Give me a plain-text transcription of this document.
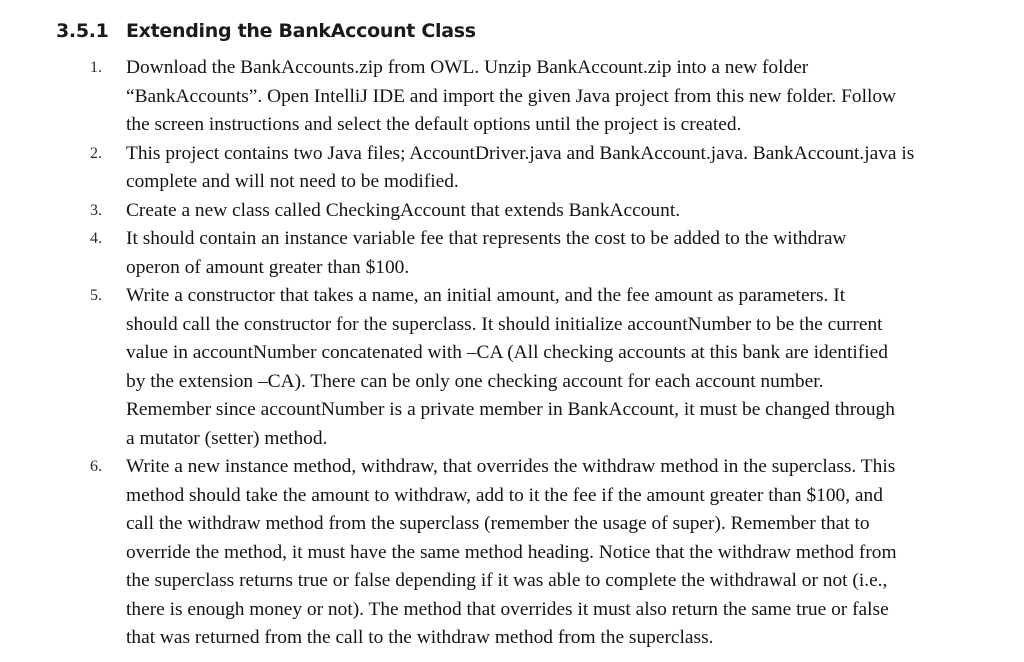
3.5.1 Extending the BankAccount Class
1. Download the BankAccounts.zip from OWL. Unzip BankAccount.zip into a new folder
“BankAccounts”. Open IntelliJ IDE and import the given Java project from this new folder. Follow
the screen instructions and select the default options until the project is created.
2. This project contains two Java files; AccountDriver.java and BankAccount.java. BankAccount.java is
complete and will not need to be modified.
3. Create a new class called CheckingAccount that extends BankAccount.
4. It should contain an instance variable fee that represents the cost to be added to the withdraw
operon of amount greater than $100.
5. Write a constructor that takes a name, an initial amount, and the fee amount as parameters. It
should call the constructor for the superclass. It should initialize accountNumber to be the current
value in accountNumber concatenated with –CA (All checking accounts at this bank are identified
by the extension –CA). There can be only one checking account for each account number.
Remember since accountNumber is a private member in BankAccount, it must be changed through
a mutator (setter) method.
6. Write a new instance method, withdraw, that overrides the withdraw method in the superclass. This
method should take the amount to withdraw, add to it the fee if the amount greater than $100, and
call the withdraw method from the superclass (remember the usage of super). Remember that to
override the method, it must have the same method heading. Notice that the withdraw method from
the superclass returns true or false depending if it was able to complete the withdrawal or not (i.e.,
there is enough money or not). The method that overrides it must also return the same true or false
that was returned from the call to the withdraw method from the superclass.
